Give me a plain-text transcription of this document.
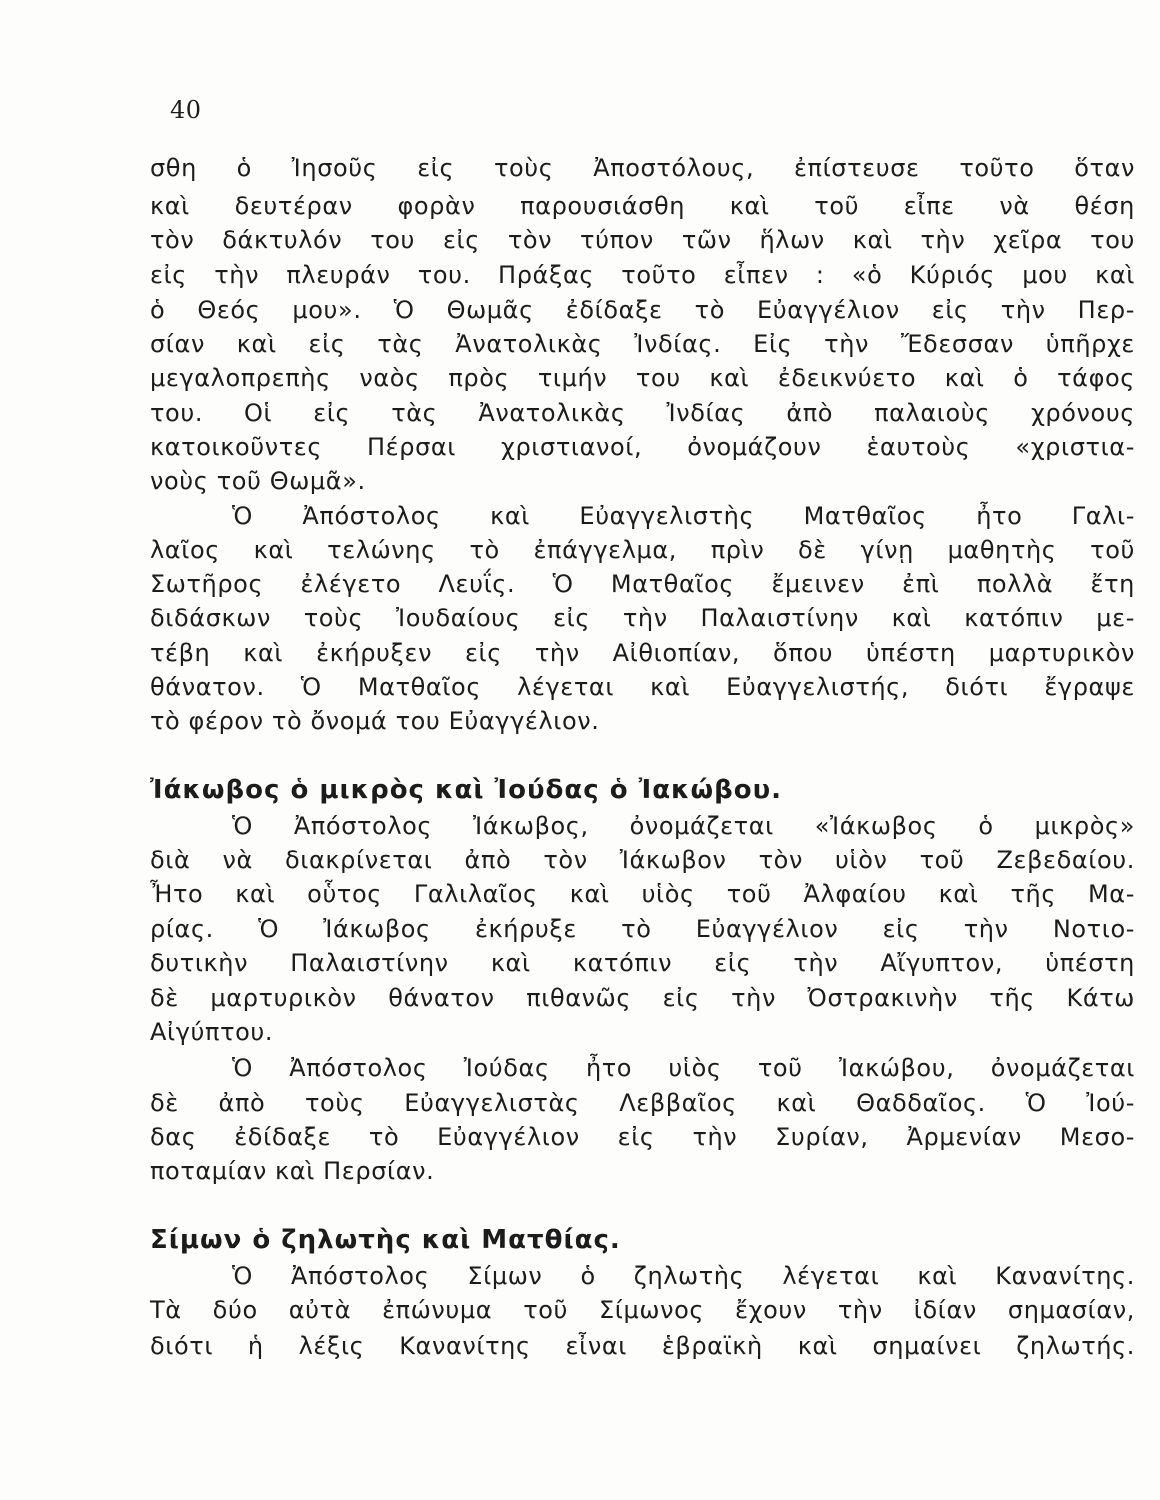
40
σθη ὁ Ἰησοῦς εἰς τοὺς Ἀποστόλους, ἐπίστευσε τοῦτο ὅταν
καὶ δευτέραν φορὰν παρουσιάσθη καὶ τοῦ εἶπε νὰ θέση
τὸν δάκτυλόν του εἰς τὸν τύπον τῶν ἥλων καὶ τὴν χεῖρα του
εἰς τὴν πλευράν του. Πράξας τοῦτο εἶπεν : «ὁ Κύριός μου καὶ
ὁ Θεός μου». Ὁ Θωμᾶς ἐδίδαξε τὸ Εὐαγγέλιον εἰς τὴν Περ-
σίαν καὶ εἰς τὰς Ἀνατολικὰς Ἰνδίας. Εἰς τὴν Ἔδεσσαν ὑπῆρχε
μεγαλοπρεπὴς ναὸς πρὸς τιμήν του καὶ ἐδεικνύετο καὶ ὁ τάφος
του. Οἱ εἰς τὰς Ἀνατολικὰς Ἰνδίας ἀπὸ παλαιοὺς χρόνους
κατοικοῦντες Πέρσαι χριστιανοί, ὀνομάζουν ἑαυτοὺς «χριστια-
νοὺς τοῦ Θωμᾶ».
Ὁ Ἀπόστολος καὶ Εὐαγγελιστὴς Ματθαῖος ἦτο Γαλι-
λαῖος καὶ τελώνης τὸ ἐπάγγελμα, πρὶν δὲ γίνῃ μαθητὴς τοῦ
Σωτῆρος ἐλέγετο Λευΐς. Ὁ Ματθαῖος ἔμεινεν ἐπὶ πολλὰ ἔτη
διδάσκων τοὺς Ἰουδαίους εἰς τὴν Παλαιστίνην καὶ κατόπιν με-
τέβη καὶ ἐκήρυξεν εἰς τὴν Αἰθιοπίαν, ὅπου ὑπέστη μαρτυρικὸν
θάνατον. Ὁ Ματθαῖος λέγεται καὶ Εὐαγγελιστής, διότι ἔγραψε
τὸ φέρον τὸ ὄνομά του Εὐαγγέλιον.
Ἰάκωβος ὁ μικρὸς καὶ Ἰούδας ὁ Ἰακώβου.
Ὁ Ἀπόστολος Ἰάκωβος, ὀνομάζεται «Ἰάκωβος ὁ μικρὸς»
διὰ νὰ διακρίνεται ἀπὸ τὸν Ἰάκωβον τὸν υἱὸν τοῦ Ζεβεδαίου.
Ἦτο καὶ οὗτος Γαλιλαῖος καὶ υἱὸς τοῦ Ἀλφαίου καὶ τῆς Μα-
ρίας. Ὁ Ἰάκωβος ἐκήρυξε τὸ Εὐαγγέλιον εἰς τὴν Νοτιο-
δυτικὴν Παλαιστίνην καὶ κατόπιν εἰς τὴν Αἴγυπτον, ὑπέστη
δὲ μαρτυρικὸν θάνατον πιθανῶς εἰς τὴν Ὀστρακινὴν τῆς Κάτω
Αἰγύπτου.
Ὁ Ἀπόστολος Ἰούδας ἦτο υἱὸς τοῦ Ἰακώβου, ὀνομάζεται
δὲ ἀπὸ τοὺς Εὐαγγελιστὰς Λεββαῖος καὶ Θαδδαῖος. Ὁ Ἰού-
δας ἐδίδαξε τὸ Εὐαγγέλιον εἰς τὴν Συρίαν, Ἀρμενίαν Μεσο-
ποταμίαν καὶ Περσίαν.
Σίμων ὁ ζηλωτὴς καὶ Ματθίας.
Ὁ Ἀπόστολος Σίμων ὁ ζηλωτὴς λέγεται καὶ Κανανίτης.
Τὰ δύο αὐτὰ ἐπώνυμα τοῦ Σίμωνος ἔχουν τὴν ἰδίαν σημασίαν,
διότι ἡ λέξις Κανανίτης εἶναι ἑβραϊκὴ καὶ σημαίνει ζηλωτής.
